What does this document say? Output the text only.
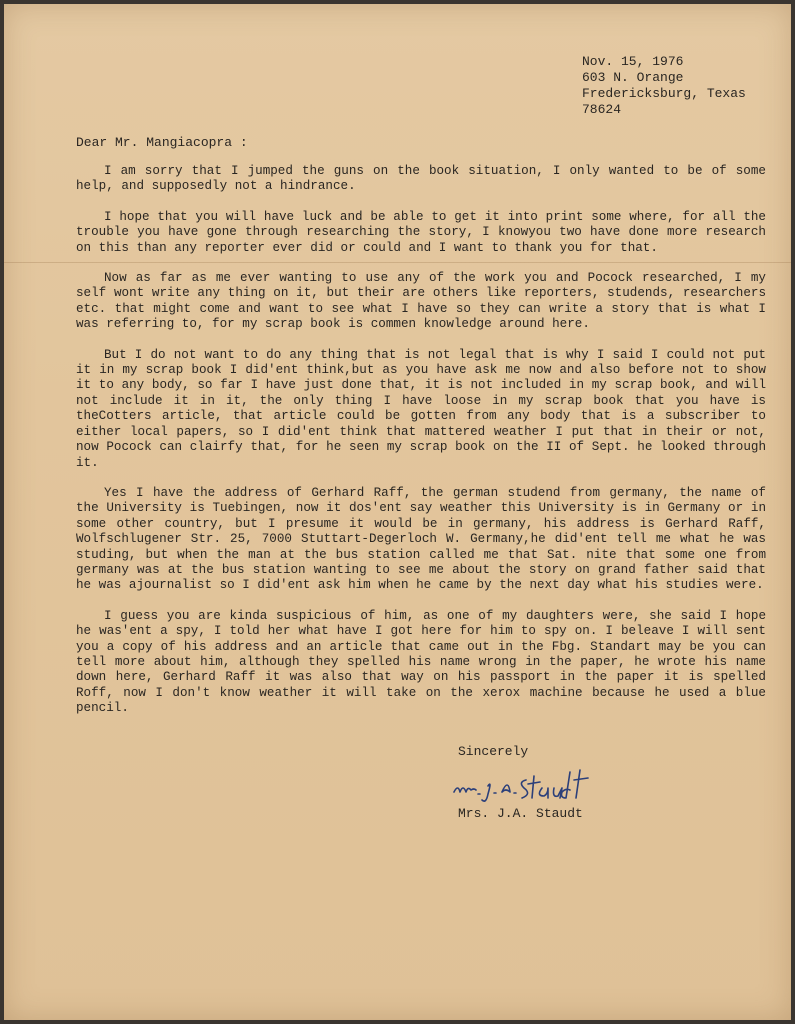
Nov. 15, 1976
603 N. Orange
Fredericksburg, Texas
78624
Dear Mr. Mangiacopra :

I am sorry that I jumped the guns on the book situation, I only wanted to be of some help, and supposedly not a hindrance.

I hope that you will have luck and be able to get it into print some where, for all the trouble you have gone through researching the story, I knowyou two have done more research on this than any reporter ever did or could and I want to thank you for that.

Now as far as me ever wanting to use any of the work you and Pocock researched, I my self wont write any thing on it, but their are others like reporters, studends, researchers etc. that might come and want to see what I have so they can write a story that is what I was referring to, for my scrap book is commen knowledge around here.

But I do not want to do any thing that is not legal that is why I said I could not put it in my scrap book I did'ent think,but as you have ask me now and also before not to show it to any body, so far I have just done that, it is not included in my scrap book, and will not include it in it, the only thing I have loose in my scrap book that you have is theCotters article, that article could be gotten from any body that is a subscriber to either local papers, so I did'ent think that mattered weather I put that in their or not, now Pocock can clairfy that, for he seen my scrap book on the II of Sept. he looked through it.

Yes I have the address of Gerhard Raff, the german studend from germany, the name of the University is Tuebingen, now it dos'ent say weather this University is in Germany or in some other country, but I presume it would be in germany, his address is Gerhard Raff, Wolfschlugener Str. 25, 7000 Stuttart-Degerloch W. Germany,he did'ent tell me what he was studing, but when the man at the bus station called me that Sat. nite that some one from germany was at the bus station wanting to see me about the story on grand father said that he was ajournalist so I did'ent ask him when he came by the next day what his studies were.

I guess you are kinda suspicious of him, as one of my daughters were, she said I hope he was'ent a spy, I told her what have I got here for him to spy on. I beleave I will sent you a copy of his address and an article that came out in the Fbg. Standart may be you can tell more about him, although they spelled his name wrong in the paper, he wrote his name down here, Gerhard Raff it was also that way on his passport in the paper it is spelled Roff, now I don't know weather it will take on the xerox machine because he used a blue pencil.

Sincerely
Mrs. J.A. Staudt
